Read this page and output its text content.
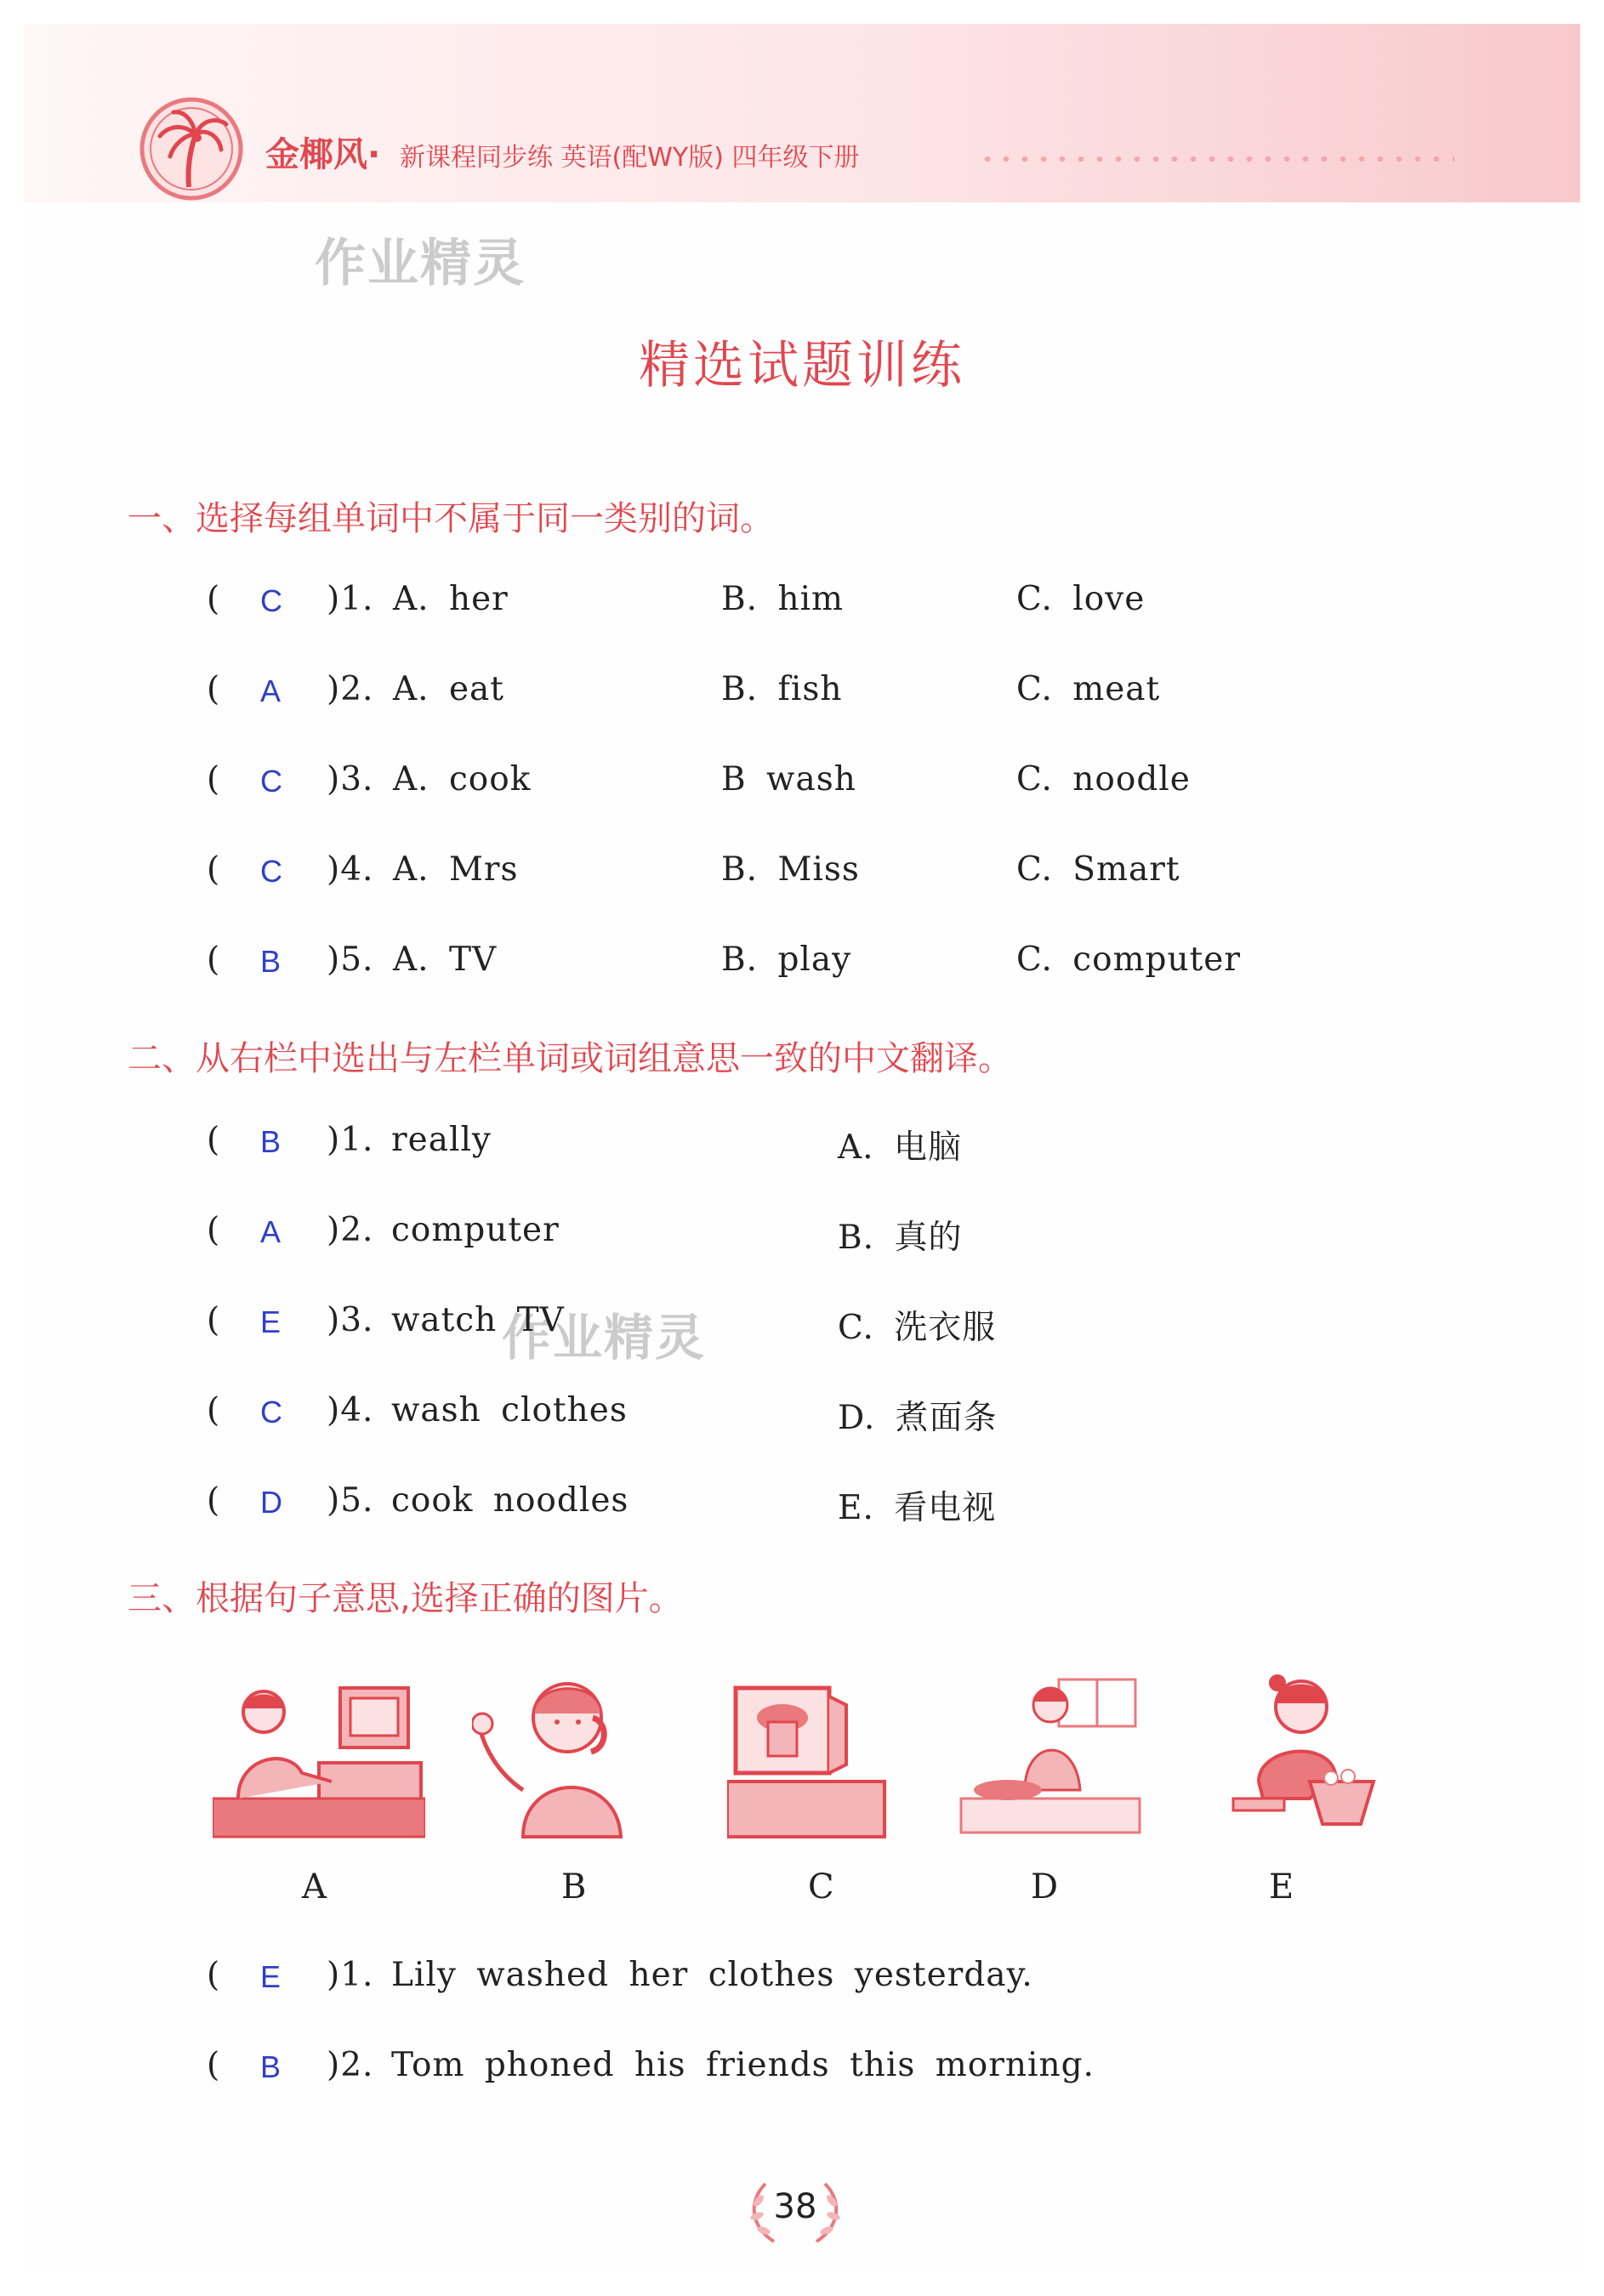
金椰风· 新课程同步练 英语(配WY版) 四年级下册
作业精灵
作业精灵
精选试题训练
一、选择每组单词中不属于同一类别的词。
( C )1. A. her	B. him	C. love
( A )2. A. eat	B. fish	C. meat
( C )3. A. cook	B wash	C. noodle
( C )4. A. Mrs	B. Miss	C. Smart
( B )5. A. TV	B. play	C. computer
二、从右栏中选出与左栏单词或词组意思一致的中文翻译。
( B )1. really	A. 电脑
( A )2. computer	B. 真的
( E )3. watch TV	C. 洗衣服
( C )4. wash clothes	D. 煮面条
( D )5. cook noodles	E. 看电视
三、根据句子意思,选择正确的图片。
A	B	C	D	E
( E )1. Lily washed her clothes yesterday.
( B )2. Tom phoned his friends this morning.
38
